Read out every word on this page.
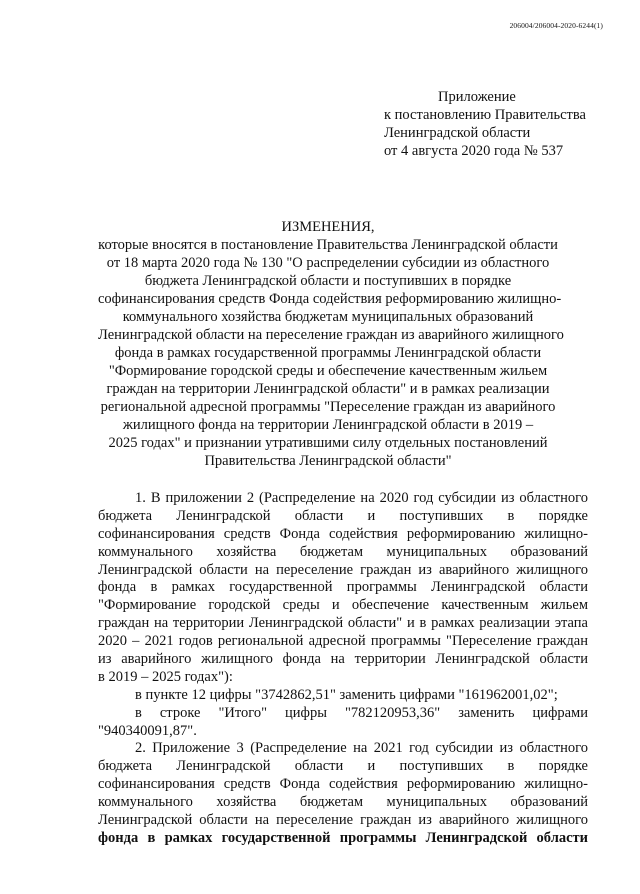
206004/206004-2020-6244(1)
Приложение
к постановлению Правительства
Ленинградской области
от 4 августа 2020 года № 537
ИЗМЕНЕНИЯ,
которые вносятся в постановление Правительства Ленинградской области
от 18 марта 2020 года № 130 "О распределении субсидии из областного
бюджета Ленинградской области и поступивших в порядке
софинансирования средств Фонда содействия реформированию жилищно-
коммунального хозяйства бюджетам муниципальных образований
Ленинградской области на переселение граждан из аварийного жилищного
фонда в рамках государственной программы Ленинградской области
"Формирование городской среды и обеспечение качественным жильем
граждан на территории Ленинградской области" и в рамках реализации
региональной адресной программы "Переселение граждан из аварийного
жилищного фонда на территории Ленинградской области в 2019 –
2025 годах" и признании утратившими силу отдельных постановлений
Правительства Ленинградской области"
1. В приложении 2 (Распределение на 2020 год субсидии из областного
бюджета Ленинградской области и поступивших в порядке
софинансирования средств Фонда содействия реформированию жилищно-
коммунального хозяйства бюджетам муниципальных образований
Ленинградской области на переселение граждан из аварийного жилищного
фонда в рамках государственной программы Ленинградской области
"Формирование городской среды и обеспечение качественным жильем
граждан на территории Ленинградской области" и в рамках реализации этапа
2020 – 2021 годов региональной адресной программы "Переселение граждан
из аварийного жилищного фонда на территории Ленинградской области
в 2019 – 2025 годах"):
в пункте 12 цифры "3742862,51" заменить цифрами "161962001,02";
в строке "Итого" цифры "782120953,36" заменить цифрами
"940340091,87".
2. Приложение 3 (Распределение на 2021 год субсидии из областного
бюджета Ленинградской области и поступивших в порядке
софинансирования средств Фонда содействия реформированию жилищно-
коммунального хозяйства бюджетам муниципальных образований
Ленинградской области на переселение граждан из аварийного жилищного
фонда в рамках государственной программы Ленинградской области
